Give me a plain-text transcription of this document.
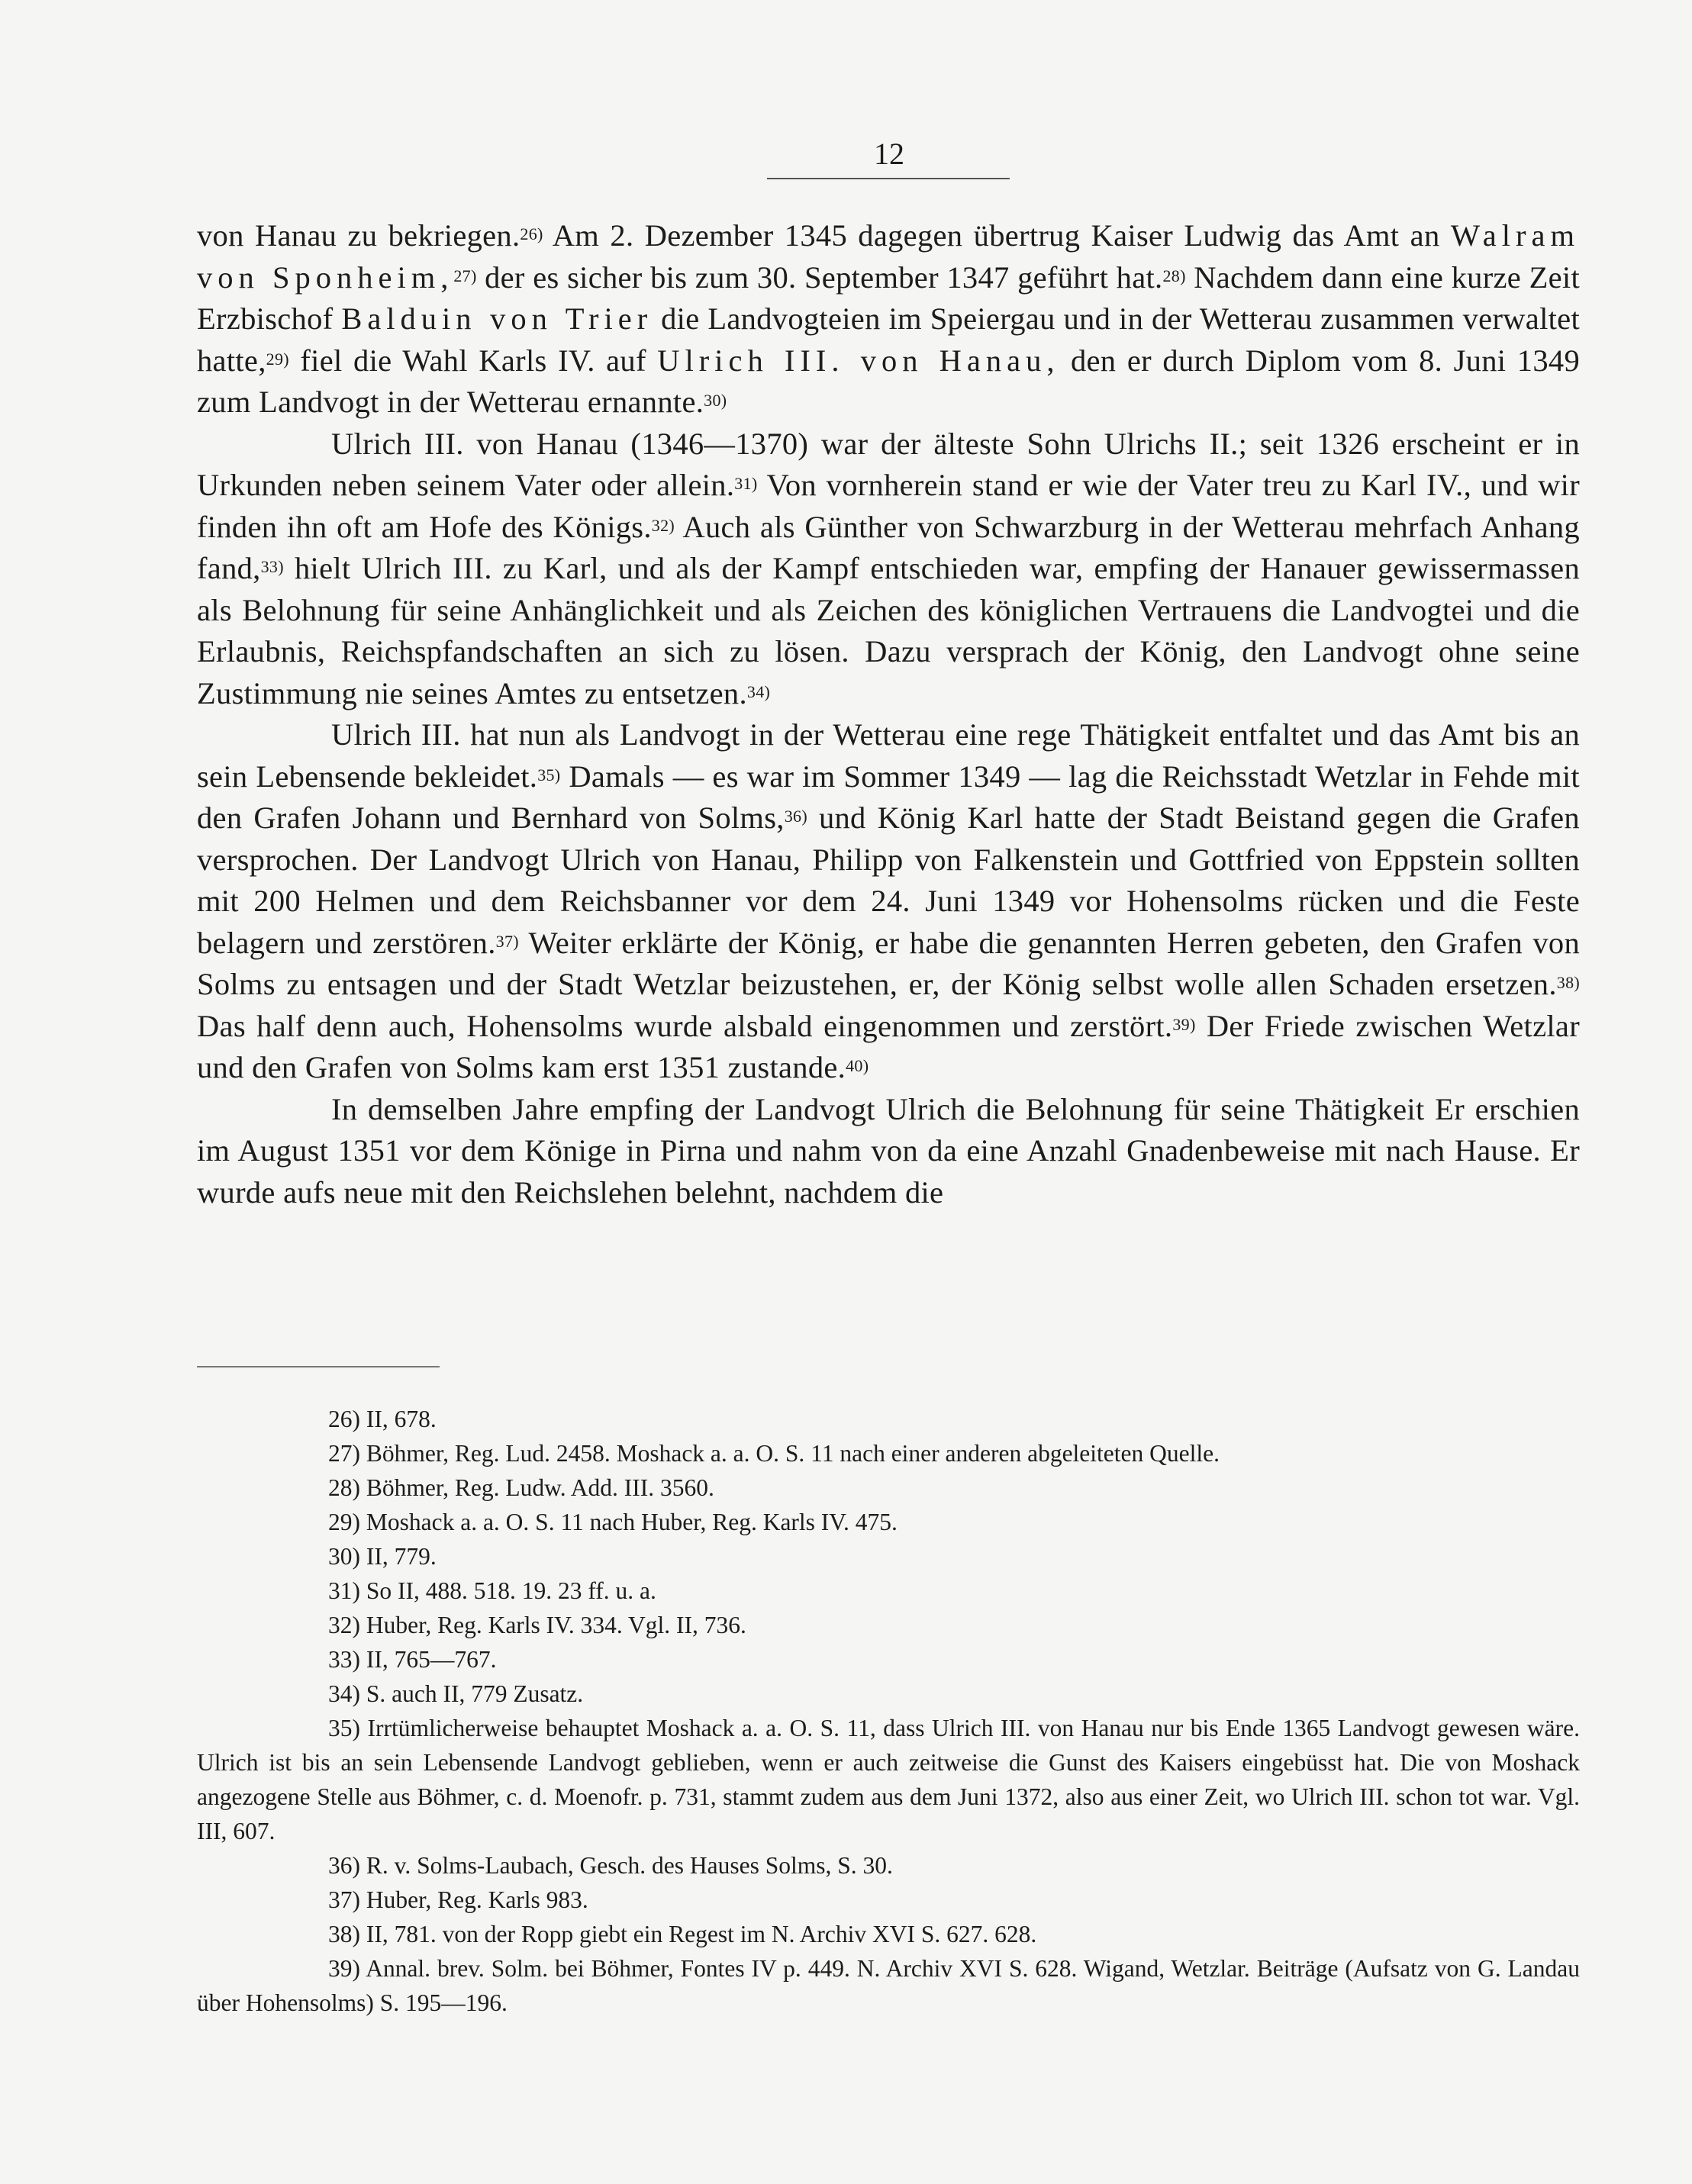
12

von Hanau zu bekriegen.$^{26)}$ Am 2. Dezember 1345 dagegen übertrug Kaiser Ludwig das Amt an Walram von Sponheim,$^{27)}$ der es sicher bis zum 30. September 1347 geführt hat.$^{28)}$ Nachdem dann eine kurze Zeit Erzbischof Balduin von Trier die Landvogteien im Speiergau und in der Wetterau zusammen verwaltet hatte,$^{29)}$ fiel die Wahl Karls IV. auf Ulrich III. von Hanau, den er durch Diplom vom 8. Juni 1349 zum Landvogt in der Wetterau ernannte.$^{30)}$

Ulrich III. von Hanau (1346—1370) war der älteste Sohn Ulrichs II.; seit 1326 erscheint er in Urkunden neben seinem Vater oder allein.$^{31)}$ Von vornherein stand er wie der Vater treu zu Karl IV., und wir finden ihn oft am Hofe des Königs.$^{32)}$ Auch als Günther von Schwarzburg in der Wetterau mehrfach Anhang fand,$^{33)}$ hielt Ulrich III. zu Karl, und als der Kampf entschieden war, empfing der Hanauer gewissermassen als Belohnung für seine Anhänglichkeit und als Zeichen des königlichen Vertrauens die Landvogtei und die Erlaubnis, Reichspfandschaften an sich zu lösen. Dazu versprach der König, den Landvogt ohne seine Zustimmung nie seines Amtes zu entsetzen.$^{34)}$

Ulrich III. hat nun als Landvogt in der Wetterau eine rege Thätigkeit entfaltet und das Amt bis an sein Lebensende bekleidet.$^{35)}$ Damals — es war im Sommer 1349 — lag die Reichsstadt Wetzlar in Fehde mit den Grafen Johann und Bernhard von Solms,$^{36)}$ und König Karl hatte der Stadt Beistand gegen die Grafen versprochen. Der Landvogt Ulrich von Hanau, Philipp von Falkenstein und Gottfried von Eppstein sollten mit 200 Helmen und dem Reichsbanner vor dem 24. Juni 1349 vor Hohensolms rücken und die Feste belagern und zerstören.$^{37)}$ Weiter erklärte der König, er habe die genannten Herren gebeten, den Grafen von Solms zu entsagen und der Stadt Wetzlar beizustehen, er, der König selbst wolle allen Schaden ersetzen.$^{38)}$ Das half denn auch, Hohensolms wurde alsbald eingenommen und zerstört.$^{39)}$ Der Friede zwischen Wetzlar und den Grafen von Solms kam erst 1351 zustande.$^{40)}$

In demselben Jahre empfing der Landvogt Ulrich die Belohnung für seine Thätigkeit Er erschien im August 1351 vor dem Könige in Pirna und nahm von da eine Anzahl Gnadenbeweise mit nach Hause. Er wurde aufs neue mit den Reichslehen belehnt, nachdem die

26) II, 678.

27) Böhmer, Reg. Lud. 2458. Moshack a. a. O. S. 11 nach einer anderen abgeleiteten Quelle.

28) Böhmer, Reg. Ludw. Add. III. 3560.

29) Moshack a. a. O. S. 11 nach Huber, Reg. Karls IV. 475.

30) II, 779.

31) So II, 488. 518. 19. 23 ff. u. a.

32) Huber, Reg. Karls IV. 334. Vgl. II, 736.

33) II, 765—767.

34) S. auch II, 779 Zusatz.

35) Irrtümlicherweise behauptet Moshack a. a. O. S. 11, dass Ulrich III. von Hanau nur bis Ende 1365 Landvogt gewesen wäre. Ulrich ist bis an sein Lebensende Landvogt geblieben, wenn er auch zeitweise die Gunst des Kaisers eingebüsst hat. Die von Moshack angezogene Stelle aus Böhmer, c. d. Moenofr. p. 731, stammt zudem aus dem Juni 1372, also aus einer Zeit, wo Ulrich III. schon tot war. Vgl. III, 607.

36) R. v. Solms-Laubach, Gesch. des Hauses Solms, S. 30.

37) Huber, Reg. Karls 983.

38) II, 781. von der Ropp giebt ein Regest im N. Archiv XVI S. 627. 628.

39) Annal. brev. Solm. bei Böhmer, Fontes IV p. 449. N. Archiv XVI S. 628. Wigand, Wetzlar. Beiträge (Aufsatz von G. Landau über Hohensolms) S. 195—196.
